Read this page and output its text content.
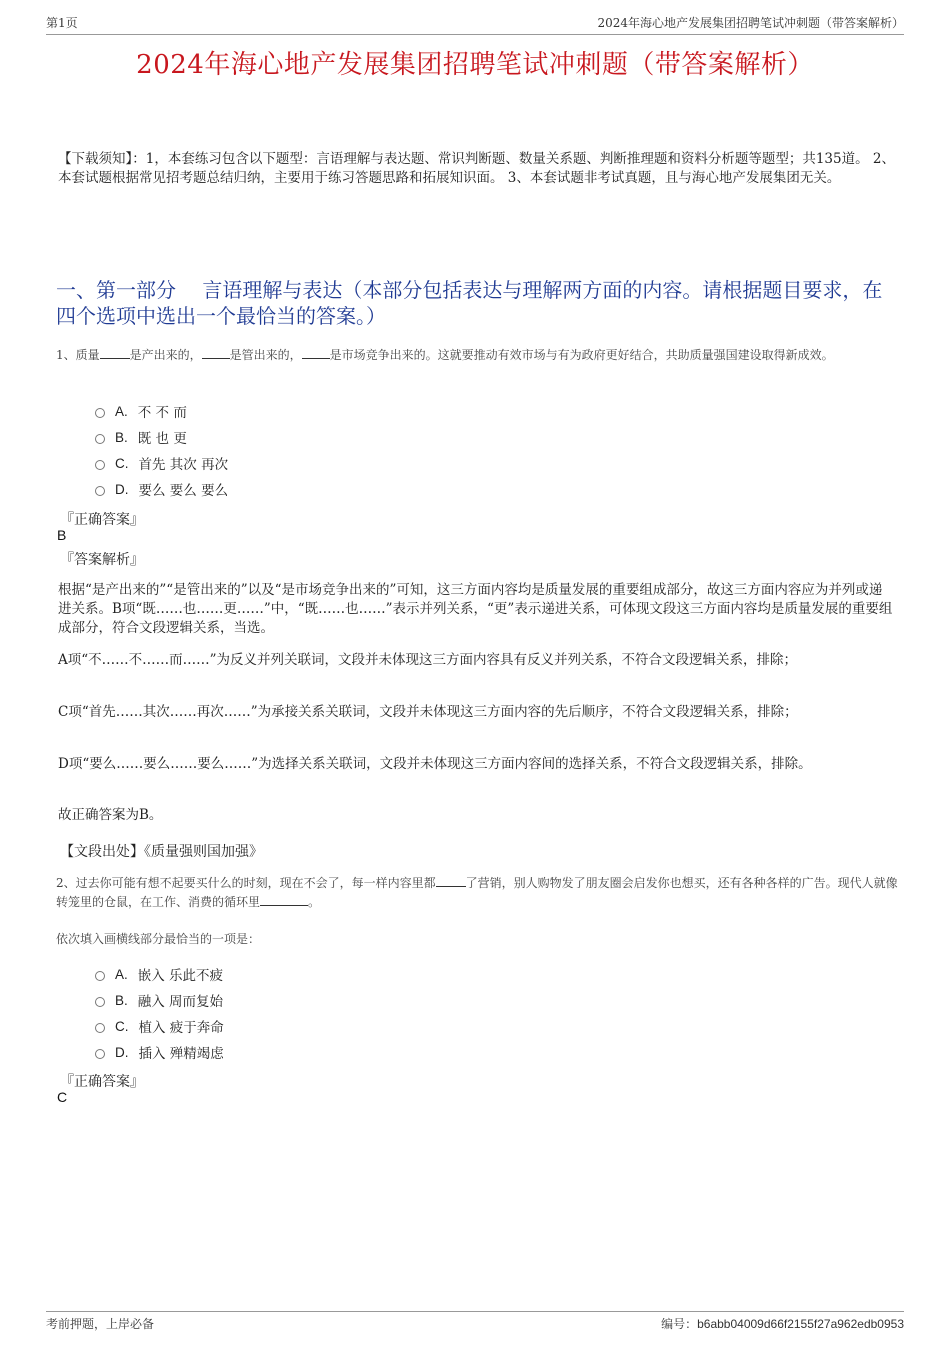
第1页	2024年海心地产发展集团招聘笔试冲刺题（带答案解析）
2024年海心地产发展集团招聘笔试冲刺题（带答案解析）

【下载须知】：1，本套练习包含以下题型：言语理解与表达题、常识判断题、数量关系题、判断推理题和资料分析题等题型；共135道。 2、本套试题根据常见招考题总结归纳，主要用于练习答题思路和拓展知识面。 3、本套试题非考试真题，且与海心地产发展集团无关。

一、第一部分　 言语理解与表达（本部分包括表达与理解两方面的内容。请根据题目要求，在四个选项中选出一个最恰当的答案。）

1、质量	是产出来的， 是管出来的， 是市场竞争出来的。这就要推动有效市场与有为政府更好结合，共助质量强国建设取得新成效。

A. 不 不 而
B. 既 也 更
C. 首先 其次 再次
D. 要么 要么 要么

『正确答案』

B

『答案解析』

根据“是产出来的”“是管出来的”以及“是市场竞争出来的”可知，这三方面内容均是质量发展的重要组成部分，故这三方面内容应为并列或递进关系。B项“既……也……更……”中，“既……也……”表示并列关系，“更”表示递进关系，可体现文段这三方面内容均是质量发展的重要组成部分，符合文段逻辑关系，当选。

A项“不……不……而……”为反义并列关联词，文段并未体现这三方面内容具有反义并列关系，不符合文段逻辑关系，排除；

C项“首先……其次……再次……”为承接关系关联词，文段并未体现这三方面内容的先后顺序，不符合文段逻辑关系，排除；

D项“要么……要么……要么……”为选择关系关联词，文段并未体现这三方面内容间的选择关系，不符合文段逻辑关系，排除。

故正确答案为B。

【文段出处】《质量强则国加强》

2、过去你可能有想不起要买什么的时刻，现在不会了，每一样内容里都	了营销，别人购物发了朋友圈会启发你也想买，还有各种各样的广告。现代人就像转笼里的仓鼠，在工作、消费的循环里	。

依次填入画横线部分最恰当的一项是：

A. 嵌入 乐此不疲
B. 融入 周而复始
C. 植入 疲于奔命
D. 插入 殚精竭虑

『正确答案』

C

考前押题，上岸必备	编号：b6abb04009d66f2155f27a962edb0953
